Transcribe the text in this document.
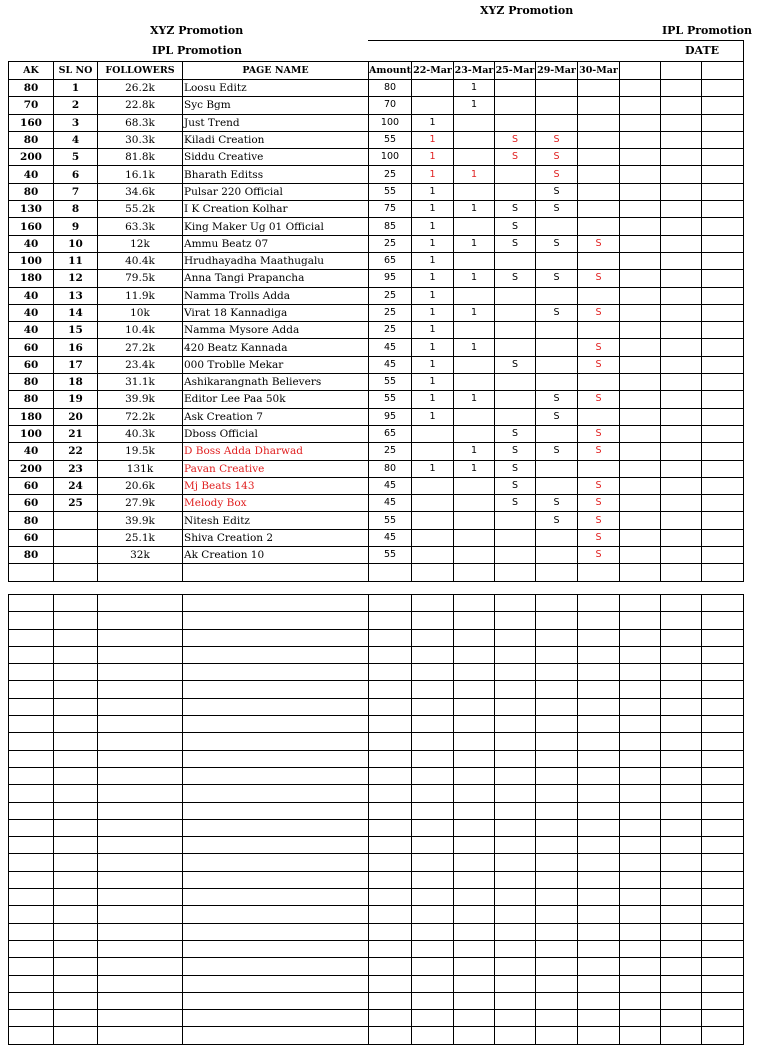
XYZ Promotion
IPL Promotion
XYZ Promotion
IPL Promotion
DATE
AK	SL NO	FOLLOWERS	PAGE NAME	Amount	22-Mar	23-Mar	25-Mar	29-Mar	30-Mar			
80	1	26.2k	Loosu Editz	80		1						
70	2	22.8k	Syc Bgm	70		1						
160	3	68.3k	Just Trend	100	1							
80	4	30.3k	Kiladi Creation	55	1		S	S				
200	5	81.8k	Siddu Creative	100	1		S	S				
40	6	16.1k	Bharath Editss	25	1	1		S				
80	7	34.6k	Pulsar 220 Official	55	1			S				
130	8	55.2k	I K Creation Kolhar	75	1	1	S	S				
160	9	63.3k	King Maker Ug 01 Official	85	1		S					
40	10	12k	Ammu Beatz 07	25	1	1	S	S	S			
100	11	40.4k	Hrudhayadha Maathugalu	65	1							
180	12	79.5k	Anna Tangi Prapancha	95	1	1	S	S	S			
40	13	11.9k	Namma Trolls Adda	25	1							
40	14	10k	Virat 18 Kannadiga	25	1	1		S	S			
40	15	10.4k	Namma Mysore Adda	25	1							
60	16	27.2k	420 Beatz Kannada	45	1	1			S			
60	17	23.4k	000 Troblle Mekar	45	1		S		S			
80	18	31.1k	Ashikarangnath Believers	55	1							
80	19	39.9k	Editor Lee Paa 50k	55	1	1		S	S			
180	20	72.2k	Ask Creation 7	95	1			S				
100	21	40.3k	Dboss Official	65			S		S			
40	22	19.5k	D Boss Adda Dharwad	25		1	S	S	S			
200	23	131k	Pavan Creative	80	1	1	S					
60	24	20.6k	Mj Beats 143	45			S		S			
60	25	27.9k	Melody Box	45			S	S	S			
80		39.9k	Nitesh Editz	55				S	S			
60		25.1k	Shiva Creation 2	45					S			
80		32k	Ak Creation 10	55					S			
